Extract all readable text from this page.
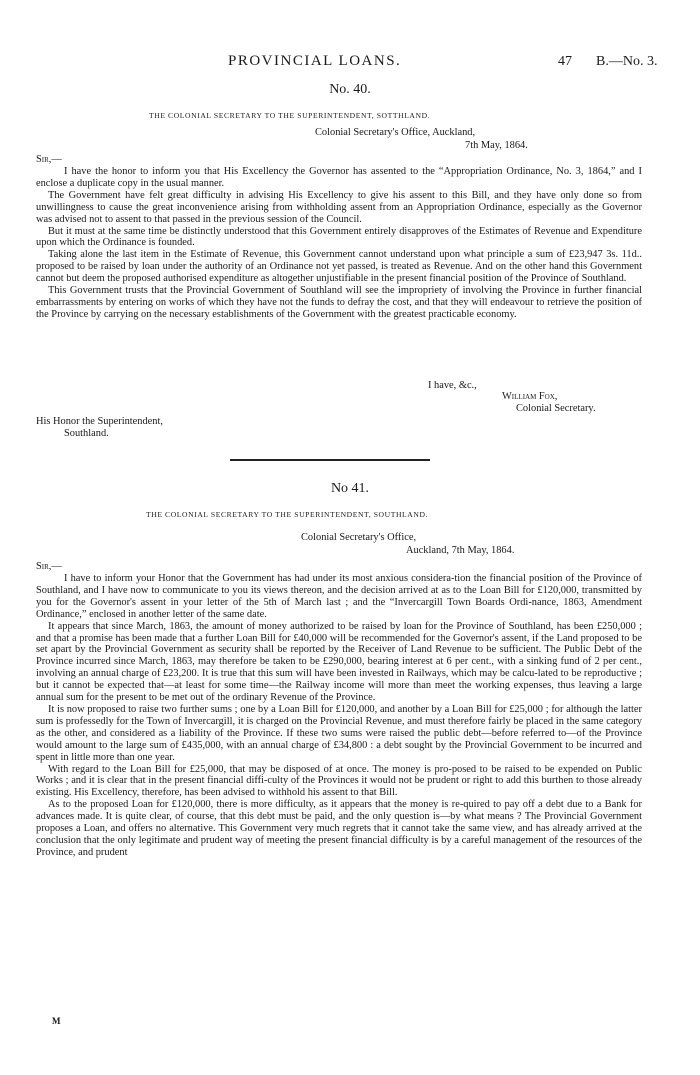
PROVINCIAL LOANS.	47 B.—No. 3.
No. 40.
THE COLONIAL SECRETARY TO THE SUPERINTENDENT, SOTTHLAND.
Colonial Secretary's Office, Auckland,
7th May, 1864.
Sir,—

I have the honor to inform you that His Excellency the Governor has assented to the “Appropriation Ordinance, No. 3, 1864,” and I enclose a duplicate copy in the usual manner.

The Government have felt great difficulty in advising His Excellency to give his assent to this Bill, and they have only done so from unwillingness to cause the great inconvenience arising from withholding assent from an Appropriation Ordinance, especially as the Governor was advised not to assent to that passed in the previous session of the Council.

But it must at the same time be distinctly understood that this Government entirely disapproves of the Estimates of Revenue and Expenditure upon which the Ordinance is founded.

Taking alone the last item in the Estimate of Revenue, this Government cannot understand upon what principle a sum of £23,947 3s. 11d.. proposed to be raised by loan under the authority of an Ordinance not yet passed, is treated as Revenue. And on the other hand this Government cannot but deem the proposed authorised expenditure as altogether unjustifiable in the present financial position of the Province of Southland.

This Government trusts that the Provincial Government of Southland will see the impropriety of involving the Province in further financial embarrassments by entering on works of which they have not the funds to defray the cost, and that they will endeavour to retrieve the position of the Province by carrying on the necessary establishments of the Government with the greatest practicable economy.

I have, &c.,
William Fox,
Colonial Secretary.
His Honor the Superintendent,
Southland.
No 41.
THE COLONIAL SECRETARY TO THE SUPERINTENDENT, SOUTHLAND.
Colonial Secretary's Office,
Auckland, 7th May, 1864.
Sir,—

I have to inform your Honor that the Government has had under its most anxious considera-tion the financial position of the Province of Southland, and I have now to communicate to you its views thereon, and the decision arrived at as to the Loan Bill for £120,000, transmitted by you for the Governor's assent in your letter of the 5th of March last ; and the “Invercargill Town Boards Ordi-nance, 1863, Amendment Ordinance,” enclosed in another letter of the same date.

It appears that since March, 1863, the amount of money authorized to be raised by loan for the Province of Southland, has been £250,000 ; and that a promise has been made that a further Loan Bill for £40,000 will be recommended for the Governor's assent, if the Land proposed to be set apart by the Provincial Government as security shall be reported by the Receiver of Land Revenue to be sufficient. The Public Debt of the Province incurred since March, 1863, may therefore be taken to be £290,000, bearing interest at 6 per cent., with a sinking fund of 2 per cent., involving an annual charge of £23,200. It is true that this sum will have been invested in Railways, which may be calcu-lated to be reproductive ; but it cannot be expected that—at least for some time—the Railway income will more than meet the working expenses, thus leaving a large annual sum for the present to be met out of the ordinary Revenue of the Province.

It is now proposed to raise two further sums ; one by a Loan Bill for £120,000, and another by a Loan Bill for £25,000 ; for although the latter sum is professedly for the Town of Invercargill, it is charged on the Provincial Revenue, and must therefore fairly be placed in the same category as the other, and considered as a liability of the Province. If these two sums were raised the public debt—before referred to—of the Province would amount to the large sum of £435,000, with an annual charge of £34,800 : a debt sought by the Provincial Government to be incurred and spent in little more than one year.

With regard to the Loan Bill for £25,000, that may be disposed of at once. The money is pro-posed to be raised to be expended on Public Works ; and it is clear that in the present financial diffi-culty of the Provinces it would not be prudent or right to add this burthen to those already existing. His Excellency, therefore, has been advised to withhold his assent to that Bill.

As to the proposed Loan for £120,000, there is more difficulty, as it appears that the money is re-quired to pay off a debt due to a Bank for advances made. It is quite clear, of course, that this debt must be paid, and the only question is—by what means ? The Provincial Government proposes a Loan, and offers no alternative. This Government very much regrets that it cannot take the same view, and has already arrived at the conclusion that the only legitimate and prudent way of meeting the present financial difficulty is by a careful management of the resources of the Province, and prudent

M
